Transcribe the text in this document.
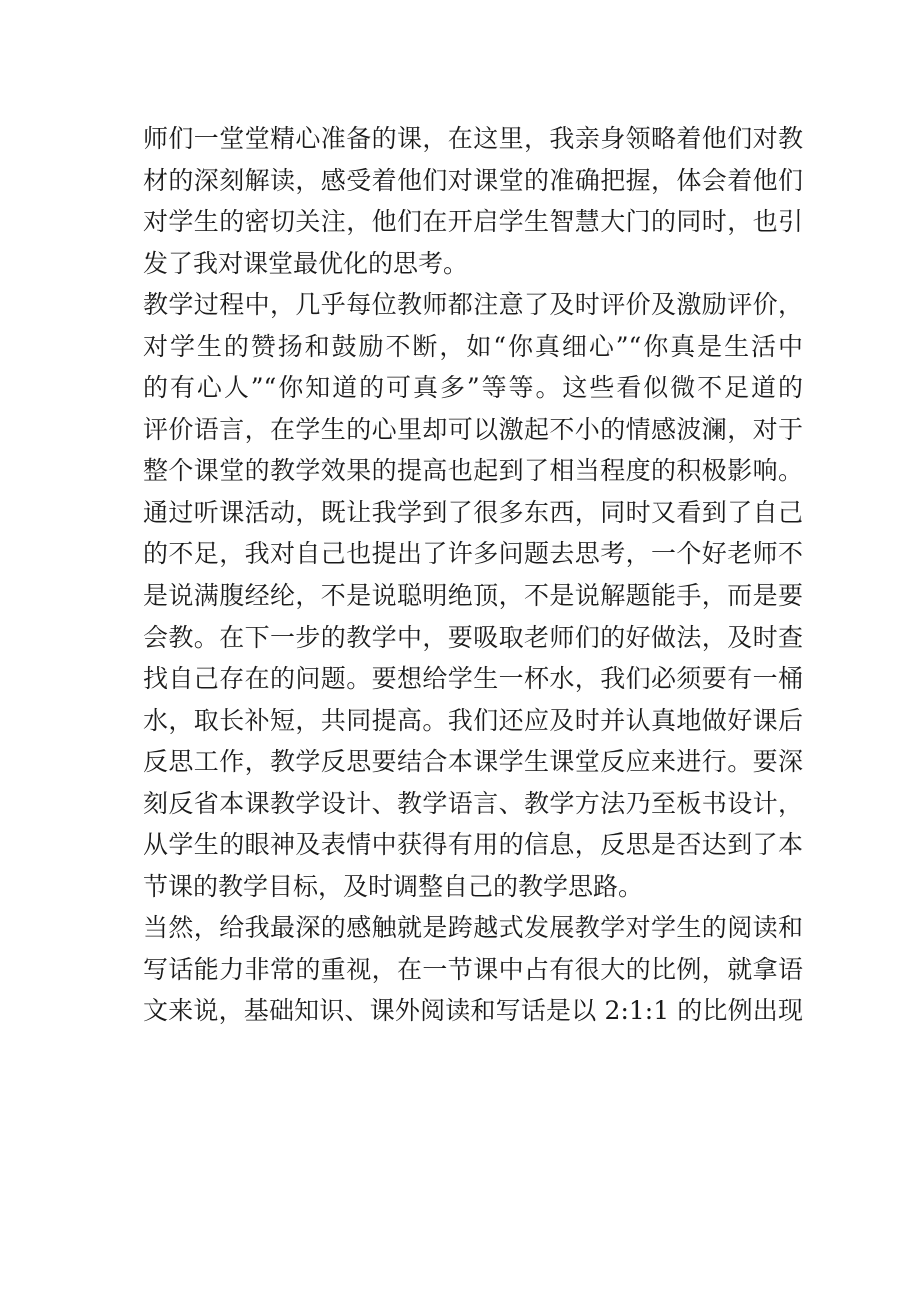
师们一堂堂精心准备的课，在这里，我亲身领略着他们对教
材的深刻解读，感受着他们对课堂的准确把握，体会着他们
对学生的密切关注，他们在开启学生智慧大门的同时，也引
发了我对课堂最优化的思考。
教学过程中，几乎每位教师都注意了及时评价及激励评价，
对学生的赞扬和鼓励不断，如“你真细心”“你真是生活中
的有心人”“你知道的可真多”等等。这些看似微不足道的
评价语言，在学生的心里却可以激起不小的情感波澜，对于
整个课堂的教学效果的提高也起到了相当程度的积极影响。
通过听课活动，既让我学到了很多东西，同时又看到了自己
的不足，我对自己也提出了许多问题去思考，一个好老师不
是说满腹经纶，不是说聪明绝顶，不是说解题能手，而是要
会教。在下一步的教学中，要吸取老师们的好做法，及时查
找自己存在的问题。要想给学生一杯水，我们必须要有一桶
水，取长补短，共同提高。我们还应及时并认真地做好课后
反思工作，教学反思要结合本课学生课堂反应来进行。要深
刻反省本课教学设计、教学语言、教学方法乃至板书设计，
从学生的眼神及表情中获得有用的信息，反思是否达到了本
节课的教学目标，及时调整自己的教学思路。
当然，给我最深的感触就是跨越式发展教学对学生的阅读和
写话能力非常的重视，在一节课中占有很大的比例，就拿语
文来说，基础知识、课外阅读和写话是以 2:1:1 的比例出现
